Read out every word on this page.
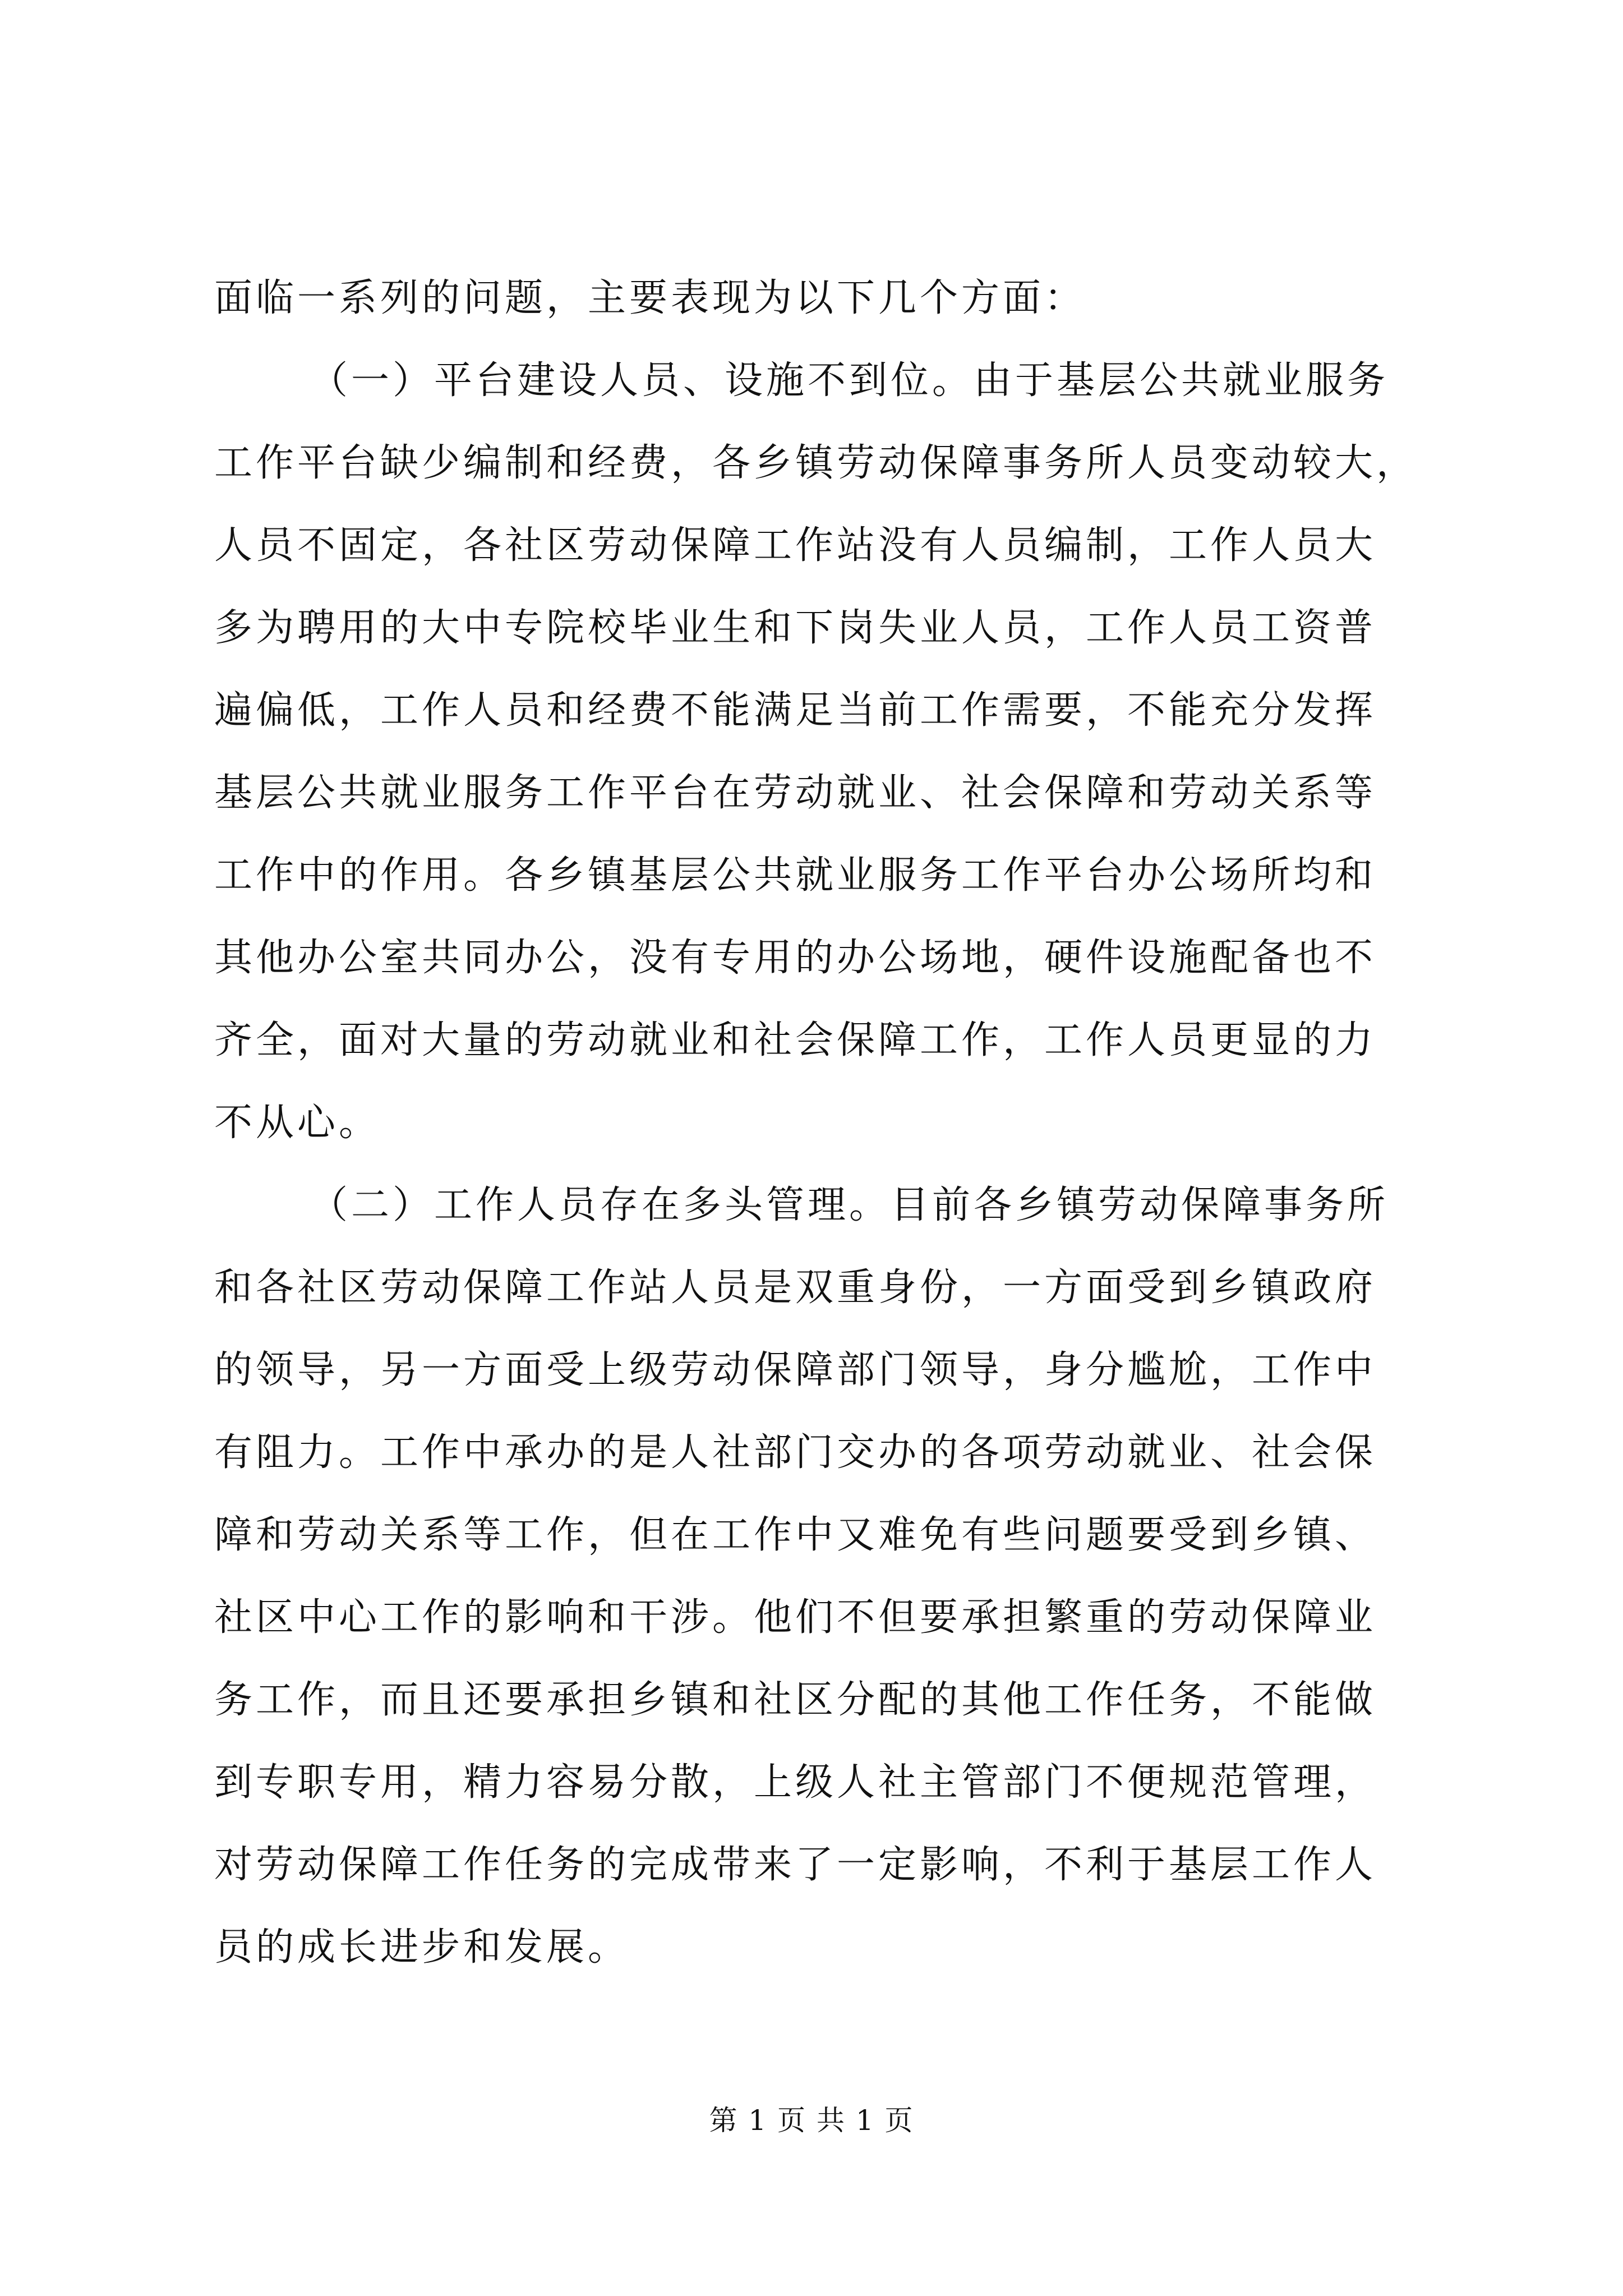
面临一系列的问题，主要表现为以下几个方面：
（一）平台建设人员、设施不到位。由于基层公共就业服务
工作平台缺少编制和经费，各乡镇劳动保障事务所人员变动较大，
人员不固定，各社区劳动保障工作站没有人员编制，工作人员大
多为聘用的大中专院校毕业生和下岗失业人员，工作人员工资普
遍偏低，工作人员和经费不能满足当前工作需要，不能充分发挥
基层公共就业服务工作平台在劳动就业、社会保障和劳动关系等
工作中的作用。各乡镇基层公共就业服务工作平台办公场所均和
其他办公室共同办公，没有专用的办公场地，硬件设施配备也不
齐全，面对大量的劳动就业和社会保障工作，工作人员更显的力
不从心。
（二）工作人员存在多头管理。目前各乡镇劳动保障事务所
和各社区劳动保障工作站人员是双重身份，一方面受到乡镇政府
的领导，另一方面受上级劳动保障部门领导，身分尴尬，工作中
有阻力。工作中承办的是人社部门交办的各项劳动就业、社会保
障和劳动关系等工作，但在工作中又难免有些问题要受到乡镇、
社区中心工作的影响和干涉。他们不但要承担繁重的劳动保障业
务工作，而且还要承担乡镇和社区分配的其他工作任务，不能做
到专职专用，精力容易分散，上级人社主管部门不便规范管理，
对劳动保障工作任务的完成带来了一定影响，不利于基层工作人
员的成长进步和发展。
第 1 页 共 1 页
